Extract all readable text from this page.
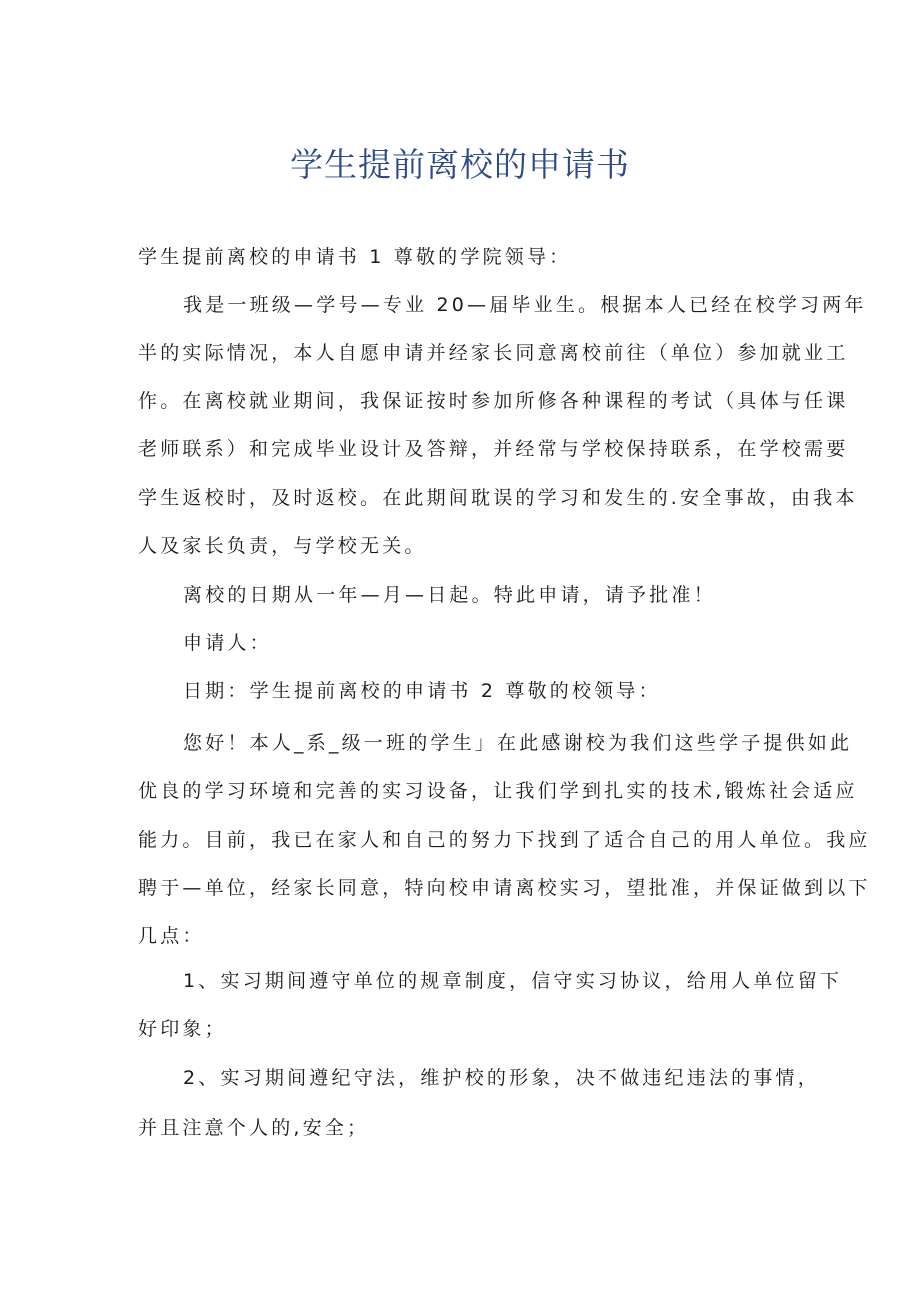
学生提前离校的申请书
学生提前离校的申请书 1 尊敬的学院领导：
我是一班级—学号—专业 20—届毕业生。根据本人已经在校学习两年
半的实际情况，本人自愿申请并经家长同意离校前往（单位）参加就业工
作。在离校就业期间，我保证按时参加所修各种课程的考试（具体与任课
老师联系）和完成毕业设计及答辩，并经常与学校保持联系，在学校需要
学生返校时，及时返校。在此期间耽误的学习和发生的.安全事故，由我本
人及家长负责，与学校无关。
离校的日期从一年—月—日起。特此申请，请予批准！
申请人：
日期：学生提前离校的申请书 2 尊敬的校领导：
您好！本人_系_级一班的学生」在此感谢校为我们这些学子提供如此
优良的学习环境和完善的实习设备，让我们学到扎实的技术,锻炼社会适应
能力。目前，我已在家人和自己的努力下找到了适合自己的用人单位。我应
聘于—单位，经家长同意，特向校申请离校实习，望批准，并保证做到以下
几点：
1、实习期间遵守单位的规章制度，信守实习协议，给用人单位留下
好印象；
2、实习期间遵纪守法，维护校的形象，决不做违纪违法的事情，
并且注意个人的,安全；
